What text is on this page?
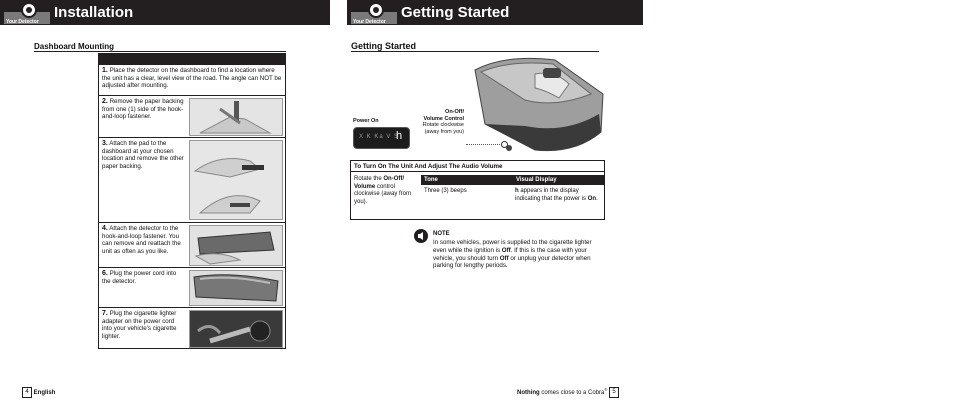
Your Detector
Installation
Dashboard Mounting
1. Place the detector on the dashboard to find a location where the unit has a clear, level view of the road. The angle can NOT be adjusted after mounting.
2. Remove the paper backing from one (1) side of the hook-and-loop fastener.
3. Attach the pad to the dashboard at your chosen location and remove the other paper backing.
4. Attach the detector to the hook-and-loop fastener. You can remove and reattach the unit as often as you like.
6. Plug the power cord into the detector.
7. Plug the cigarette lighter adapter on the power cord into your vehicle's cigarette lighter.
4 English
Your Detector
Getting Started
Getting Started
Power On
X K Ka V S
h
On-Off/
Volume Control
Rotate clockwise
(away from you)
To Turn On The Unit And Adjust The Audio Volume
Rotate the On-Off/ Volume control clockwise (away from you).
Tone	Visual Display
Three (3) beeps	h appears in the display indicating that the power is On.
NOTE
In some vehicles, power is supplied to the cigarette lighter even while the ignition is Off. If this is the case with your vehicle, you should turn Off or unplug your detector when parking for lengthy periods.
Nothing comes close to a Cobra® 5
